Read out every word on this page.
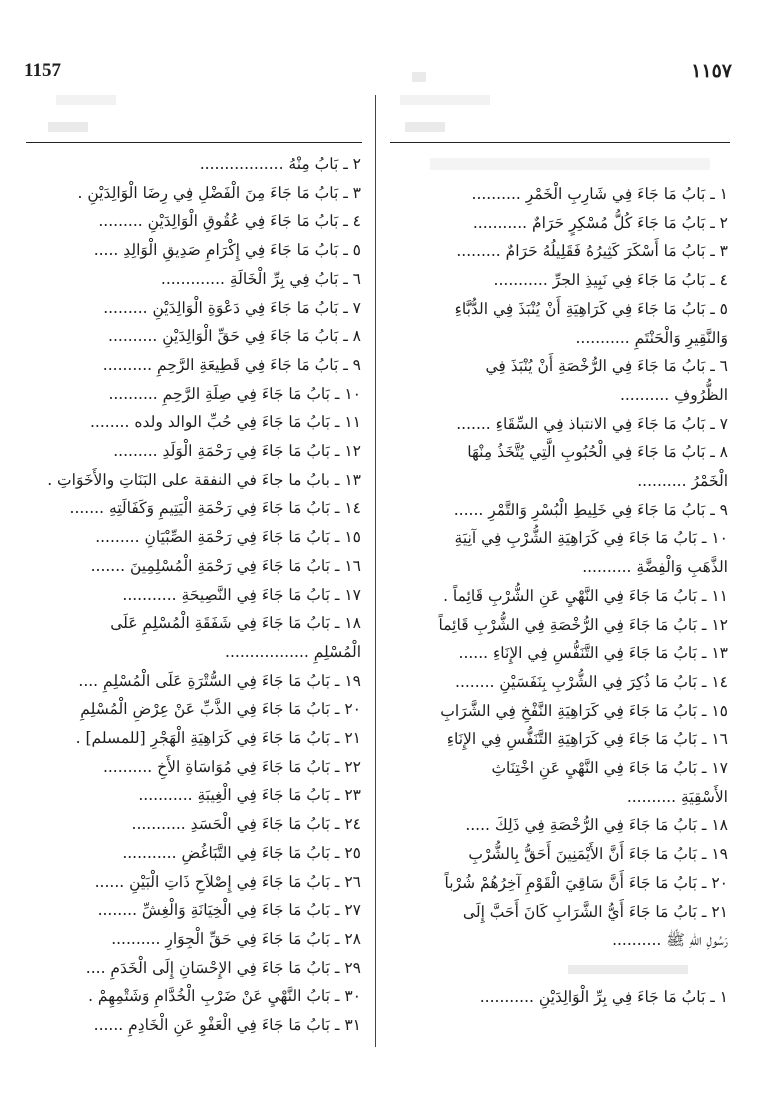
1157	١١٥٧
١ ـ بَابُ مَا جَاءَ فِي شَارِبِ الْخَمْرِ ..........
٢ ـ بَابُ مَا جَاءَ كُلُّ مُسْكِرٍ حَرَامٌ ...........
٣ ـ بَابُ مَا أَسْكَرَ كَثِيرُهُ فَقَلِيلُهُ حَرَامٌ .........
٤ ـ بَابُ مَا جَاءَ فِي نَبِيذِ الجرِّ ...........
٥ ـ بَابُ مَا جَاءَ فِي كَرَاهِيَةِ أَنْ يُنْبَذَ فِي الدُّبَّاءِ
وَالنَّقِيرِ وَالْحَنْتَمِ ...........
٦ ـ بَابُ مَا جَاءَ فِي الرُّخْصَةِ أَنْ يُنْبَذَ فِي
الظُّرُوفِ ..........
٧ ـ بَابُ مَا جَاءَ فِي الانتباذ فِي السِّقَاءِ .......
٨ ـ بَابُ مَا جَاءَ فِي الْحُبُوبِ الَّتِي يُتَّخَذُ مِنْهَا
الْخَمْرُ ..........
٩ ـ بَابُ مَا جَاءَ فِي خَلِيطِ الْبُسْرِ وَالتَّمْرِ ......
١٠ ـ بَابُ مَا جَاءَ فِي كَرَاهِيَةِ الشُّرْبِ فِي آنِيَةِ
الذَّهَبِ وَالْفِضَّةِ ..........
١١ ـ بَابُ مَا جَاءَ فِي النَّهْيِ عَنِ الشُّرْبِ قَائِماً .
١٢ ـ بَابُ مَا جَاءَ فِي الرُّخْصَةِ فِي الشُّرْبِ قَائِماً
١٣ ـ بَابُ مَا جَاءَ فِي التَّنَفُّسِ فِي الإِنَاءِ ......
١٤ ـ بَابُ مَا ذُكِرَ فِي الشُّرْبِ بِنَفَسَيْنِ ........
١٥ ـ بَابُ مَا جَاءَ فِي كَرَاهِيَةِ النَّفْخِ فِي الشَّرَابِ
١٦ ـ بَابُ مَا جَاءَ فِي كَرَاهِيَةِ التَّنَفُّسِ فِي الإِنَاءِ
١٧ ـ بَابُ مَا جَاءَ فِي النَّهْيِ عَنِ اخْتِنَاثِ
الأَسْقِيَةِ ..........
١٨ ـ بَابُ مَا جَاءَ فِي الرُّخْصَةِ فِي ذَلِكَ .....
١٩ ـ بَابُ مَا جَاءَ أَنَّ الأَيْمَنِينَ أَحَقُّ بِالشُّرْبِ
٢٠ ـ بَابُ مَا جَاءَ أَنَّ سَاقِيَ الْقَوْمِ آخِرُهُمْ شُرْباً
٢١ ـ بَابُ مَا جَاءَ أَيُّ الشَّرَابِ كَانَ أَحَبَّ إِلَى
رَسُولِ اللهِ ﷺ ..........
١ ـ بَابُ مَا جَاءَ فِي بِرِّ الْوَالِدَيْنِ ...........
٢ ـ بَابُ مِنْهُ .................
٣ ـ بَابُ مَا جَاءَ مِنَ الْفَضْلِ فِي رِضَا الْوَالِدَيْنِ .
٤ ـ بَابُ مَا جَاءَ فِي عُقُوقِ الْوَالِدَيْنِ .........
٥ ـ بَابُ مَا جَاءَ فِي إِكْرَامِ صَدِيقِ الْوَالِدِ .....
٦ ـ بَابُ فِي بِرِّ الْخَالَةِ .............
٧ ـ بَابُ مَا جَاءَ فِي دَعْوَةِ الْوَالِدَيْنِ .........
٨ ـ بَابُ مَا جَاءَ فِي حَقِّ الْوَالِدَيْنِ ..........
٩ ـ بَابُ مَا جَاءَ فِي قَطِيعَةِ الرَّحِمِ ..........
١٠ ـ بَابُ مَا جَاءَ فِي صِلَةِ الرَّحِمِ ..........
١١ ـ بَابُ مَا جَاءَ فِي حُبِّ الوالد ولده ........
١٢ ـ بَابُ مَا جَاءَ فِي رَحْمَةِ الْوَلَدِ .........
١٣ ـ بابُ ما جاءَ في النفقة على البَنَاتِ والأَخَوَاتِ .
١٤ ـ بَابُ مَا جَاءَ فِي رَحْمَةِ الْيَتِيمِ وَكَفَالَتِهِ .......
١٥ ـ بَابُ مَا جَاءَ فِي رَحْمَةِ الصِّبْيَانِ .........
١٦ ـ بَابُ مَا جَاءَ فِي رَحْمَةِ الْمُسْلِمِينَ .......
١٧ ـ بَابُ مَا جَاءَ فِي النَّصِيحَةِ ...........
١٨ ـ بَابُ مَا جَاءَ فِي شَفَقَةِ الْمُسْلِمِ عَلَى
الْمُسْلِمِ .................
١٩ ـ بَابُ مَا جَاءَ فِي السُّتْرَةِ عَلَى الْمُسْلِمِ ....
٢٠ ـ بَابُ مَا جَاءَ فِي الذَّبِّ عَنْ عِرْضِ الْمُسْلِمِ
٢١ ـ بَابُ مَا جَاءَ فِي كَرَاهِيَةِ الْهَجْرِ [للمسلم] .
٢٢ ـ بَابُ مَا جَاءَ فِي مُوَاسَاةِ الأَخِ ..........
٢٣ ـ بَابُ مَا جَاءَ فِي الْغِيبَةِ ...........
٢٤ ـ بَابُ مَا جَاءَ فِي الْحَسَدِ ...........
٢٥ ـ بَابُ مَا جَاءَ فِي التَّبَاغُضِ ...........
٢٦ ـ بَابُ مَا جَاءَ فِي إِصْلاَحِ ذَاتِ الْبَيْنِ ......
٢٧ ـ بَابُ مَا جَاءَ فِي الْخِيَانَةِ وَالْغِشِّ ........
٢٨ ـ بَابُ مَا جَاءَ فِي حَقِّ الْجِوَارِ ..........
٢٩ ـ بَابُ مَا جَاءَ فِي الإِحْسَانِ إِلَى الْخَدَمِ ....
٣٠ ـ بَابُ النَّهْيِ عَنْ ضَرْبِ الْخُدَّامِ وَشَتْمِهِمْ .
٣١ ـ بَابُ مَا جَاءَ فِي الْعَفْوِ عَنِ الْخَادِمِ ......
